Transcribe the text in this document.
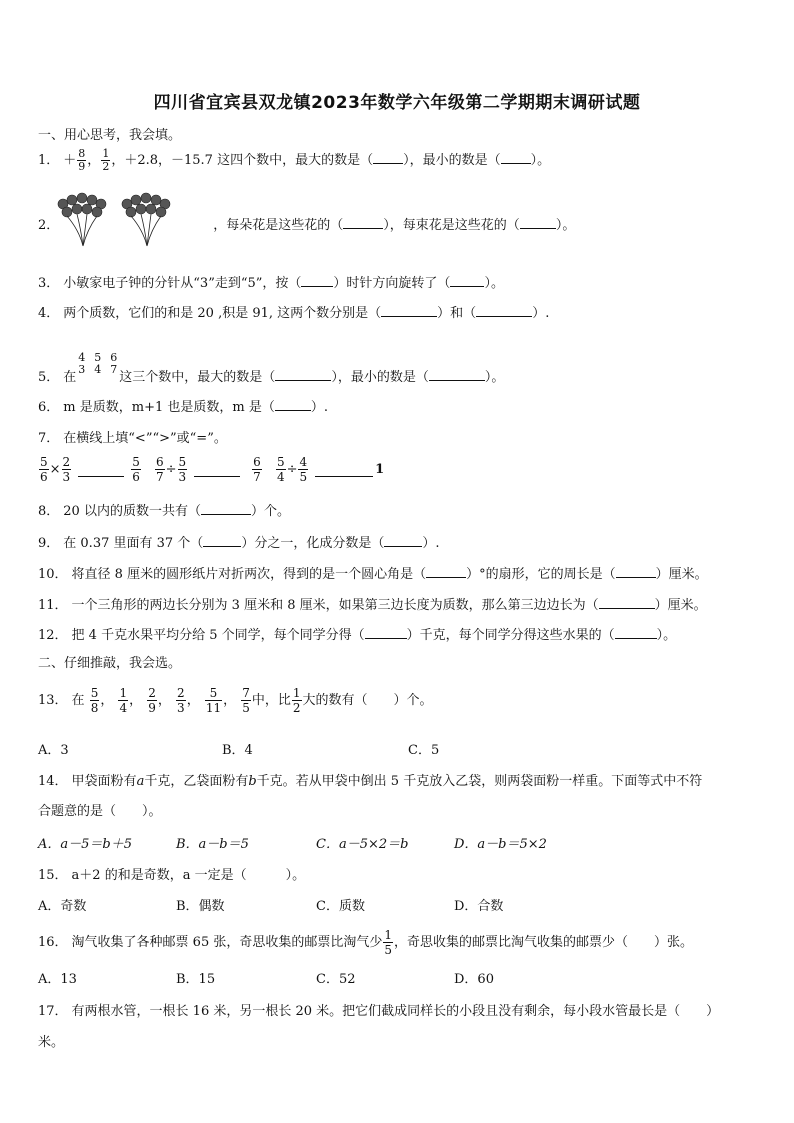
四川省宜宾县双龙镇2023年数学六年级第二学期期末调研试题
一、用心思考，我会填。
1． ＋ $\frac{8}{9}$ ， $\frac{1}{2}$ ，＋2.8，－15.7 这四个数中，最大的数是（ ），最小的数是（ ）。
2．	，每朵花是这些花的（	），每束花是这些花的（	）。
3． 小敏家电子钟的分针从“3”走到“5”，按（ ）时针方向旋转了（	）。
4． 两个质数，它们的和是 20 ,积是 91, 这两个数分别是（	）和（	）.
5． 在
4
3
5
4
6
7
这三个数中，最大的数是（	），最小的数是（	）。
6． m 是质数，m+1 也是质数，m 是（	）.
7． 在横线上填“<”“>”或“=”。
$\frac{5}{6} \times \frac{2}{3}$	$\frac{5}{6}$
$\frac{6}{7} \div \frac{5}{3}$	$\frac{6}{7}$
$\frac{5}{4} \div \frac{4}{5}$	1
8． 20 以内的质数一共有（	）个。
9． 在 0.37 里面有 37 个（	）分之一，化成分数是（	）.
10． 将直径 8 厘米的圆形纸片对折两次，得到的是一个圆心角是（	）°的扇形，它的周长是（	）厘米。
11． 一个三角形的两边长分别为 3 厘米和 8 厘米，如果第三边长度为质数，那么第三边边长为（	）厘米。
12． 把 4 千克水果平均分给 5 个同学，每个同学分得（	）千克，每个同学分得这些水果的（	）。
二、仔细推敲，我会选。
13． 在 $\frac{5}{8}$ ， $\frac{1}{4}$ ， $\frac{2}{9}$ ， $\frac{2}{3}$ ， $\frac{5}{11}$ ， $\frac{7}{5}$ 中，比 $\frac{1}{2}$ 大的数有（　　）个。
A．3	B．4	C．5
14． 甲袋面粉有a千克，乙袋面粉有b千克。若从甲袋中倒出 5 千克放入乙袋，则两袋面粉一样重。下面等式中不符
合题意的是（　　）。
A．a－5＝b＋5	B．a－b＝5	C．a－5×2＝b	D．a－b＝5×2
15． a＋2 的和是奇数，a 一定是（　　　）。
A．奇数	B．偶数	C．质数	D．合数
16． 淘气收集了各种邮票 65 张，奇思收集的邮票比淘气少 $\frac{1}{5}$ ，奇思收集的邮票比淘气收集的邮票少（　　）张。
A．13	B．15	C．52	D．60
17． 有两根水管，一根长 16 米，另一根长 20 米。把它们截成同样长的小段且没有剩余，每小段水管最长是（　　）
米。
